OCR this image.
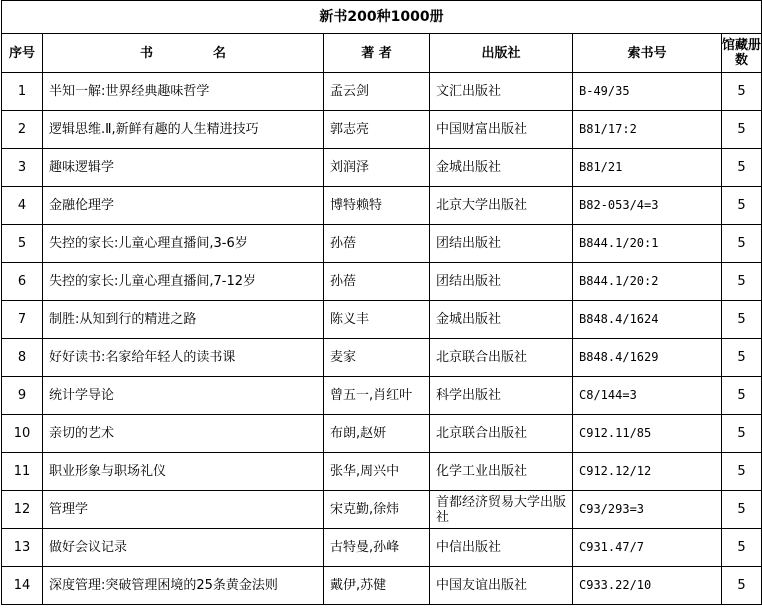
新书200种1000册					
序号	书 名	著 者	出版社	索书号	馆藏册数
1	半知一解:世界经典趣味哲学	孟云剑	文汇出版社	B-49/35	5
2	逻辑思维.Ⅱ,新鲜有趣的人生精进技巧	郭志亮	中国财富出版社	B81/17:2	5
3	趣味逻辑学	刘润泽	金城出版社	B81/21	5
4	金融伦理学	博特赖特	北京大学出版社	B82-053/4=3	5
5	失控的家长:儿童心理直播间,3-6岁	孙蓓	团结出版社	B844.1/20:1	5
6	失控的家长:儿童心理直播间,7-12岁	孙蓓	团结出版社	B844.1/20:2	5
7	制胜:从知到行的精进之路	陈义丰	金城出版社	B848.4/1624	5
8	好好读书:名家给年轻人的读书课	麦家	北京联合出版社	B848.4/1629	5
9	统计学导论	曾五一,肖红叶	科学出版社	C8/144=3	5
10	亲切的艺术	布朗,赵妍	北京联合出版社	C912.11/85	5
11	职业形象与职场礼仪	张华,周兴中	化学工业出版社	C912.12/12	5
12	管理学	宋克勤,徐炜	首都经济贸易大学出版社	C93/293=3	5
13	做好会议记录	古特曼,孙峰	中信出版社	C931.47/7	5
14	深度管理:突破管理困境的25条黄金法则	戴伊,苏健	中国友谊出版社	C933.22/10	5
